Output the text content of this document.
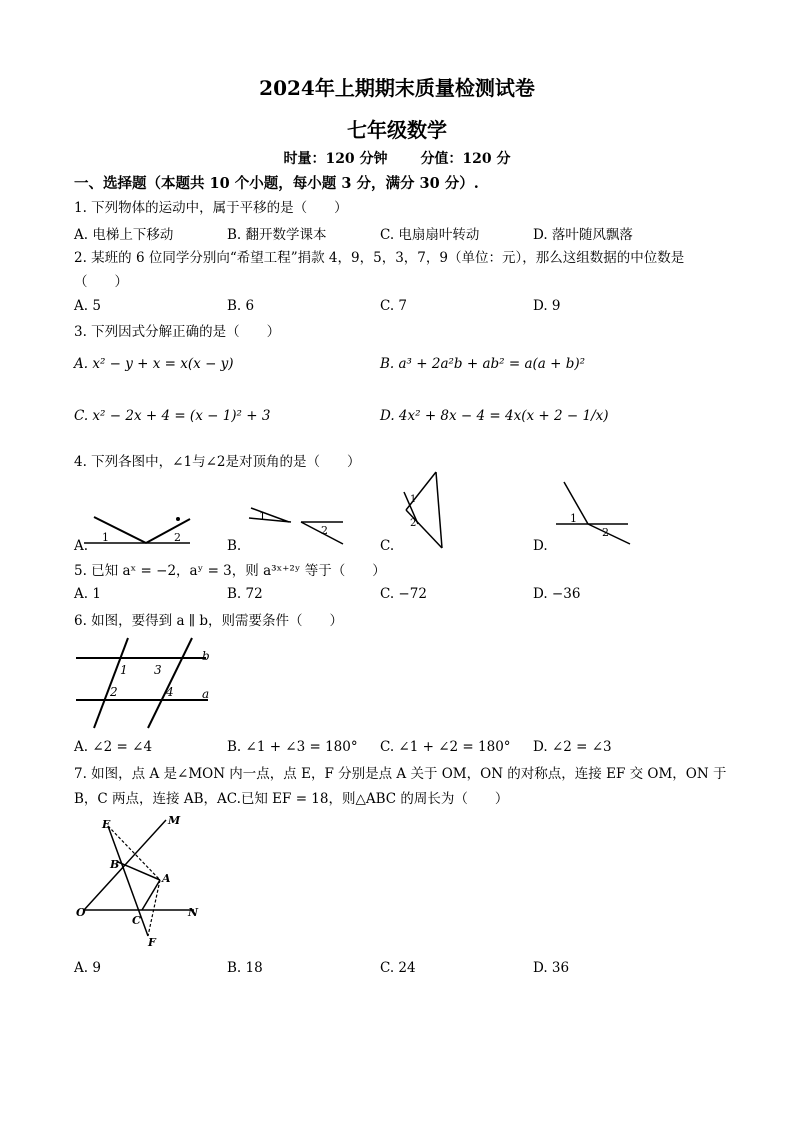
2024年上期期末质量检测试卷
七年级数学
时量：120 分钟 分值：120 分
一、选择题（本题共 10 个小题，每小题 3 分，满分 30 分）.
1. 下列物体的运动中，属于平移的是（　　）
A. 电梯上下移动	B. 翻开数学课本	C. 电扇扇叶转动	D. 落叶随风飘落
2. 某班的 6 位同学分别向“希望工程”捐款 4，9，5，3，7，9（单位：元），那么这组数据的中位数是
（　　）
A. 5	B. 6	C. 7	D. 9
3. 下列因式分解正确的是（　　）
A. x² − y + x = x(x − y)	B. a³ + 2a²b + ab² = a(a + b)²
C. x² − 2x + 4 = (x − 1)² + 3	D. 4x² + 8x − 4 = 4x(x + 2 − 1/x)
4. 下列各图中，∠1与∠2是对顶角的是（　　）
1	2
A.
1
2
B.
1
2
C.
1
2
D.
5. 已知 aˣ = −2，aʸ = 3，则 a³ˣ⁺²ʸ 等于（　　）
A. 1	B. 72	C. −72	D. −36
6. 如图，要得到 a ∥ b，则需要条件（　　）
1 3
2	4
b
a
A. ∠2 = ∠4	B. ∠1 + ∠3 = 180° C. ∠1 + ∠2 = 180° D. ∠2 = ∠3
7. 如图，点 A 是∠MON 内一点，点 E，F 分别是点 A 关于 OM，ON 的对称点，连接 EF 交 OM，ON 于
B，C 两点，连接 AB，AC.已知 EF = 18，则△ABC 的周长为（　　）
E	M
B
A
O
C
N
F
A. 9	B. 18	C. 24	D. 36
